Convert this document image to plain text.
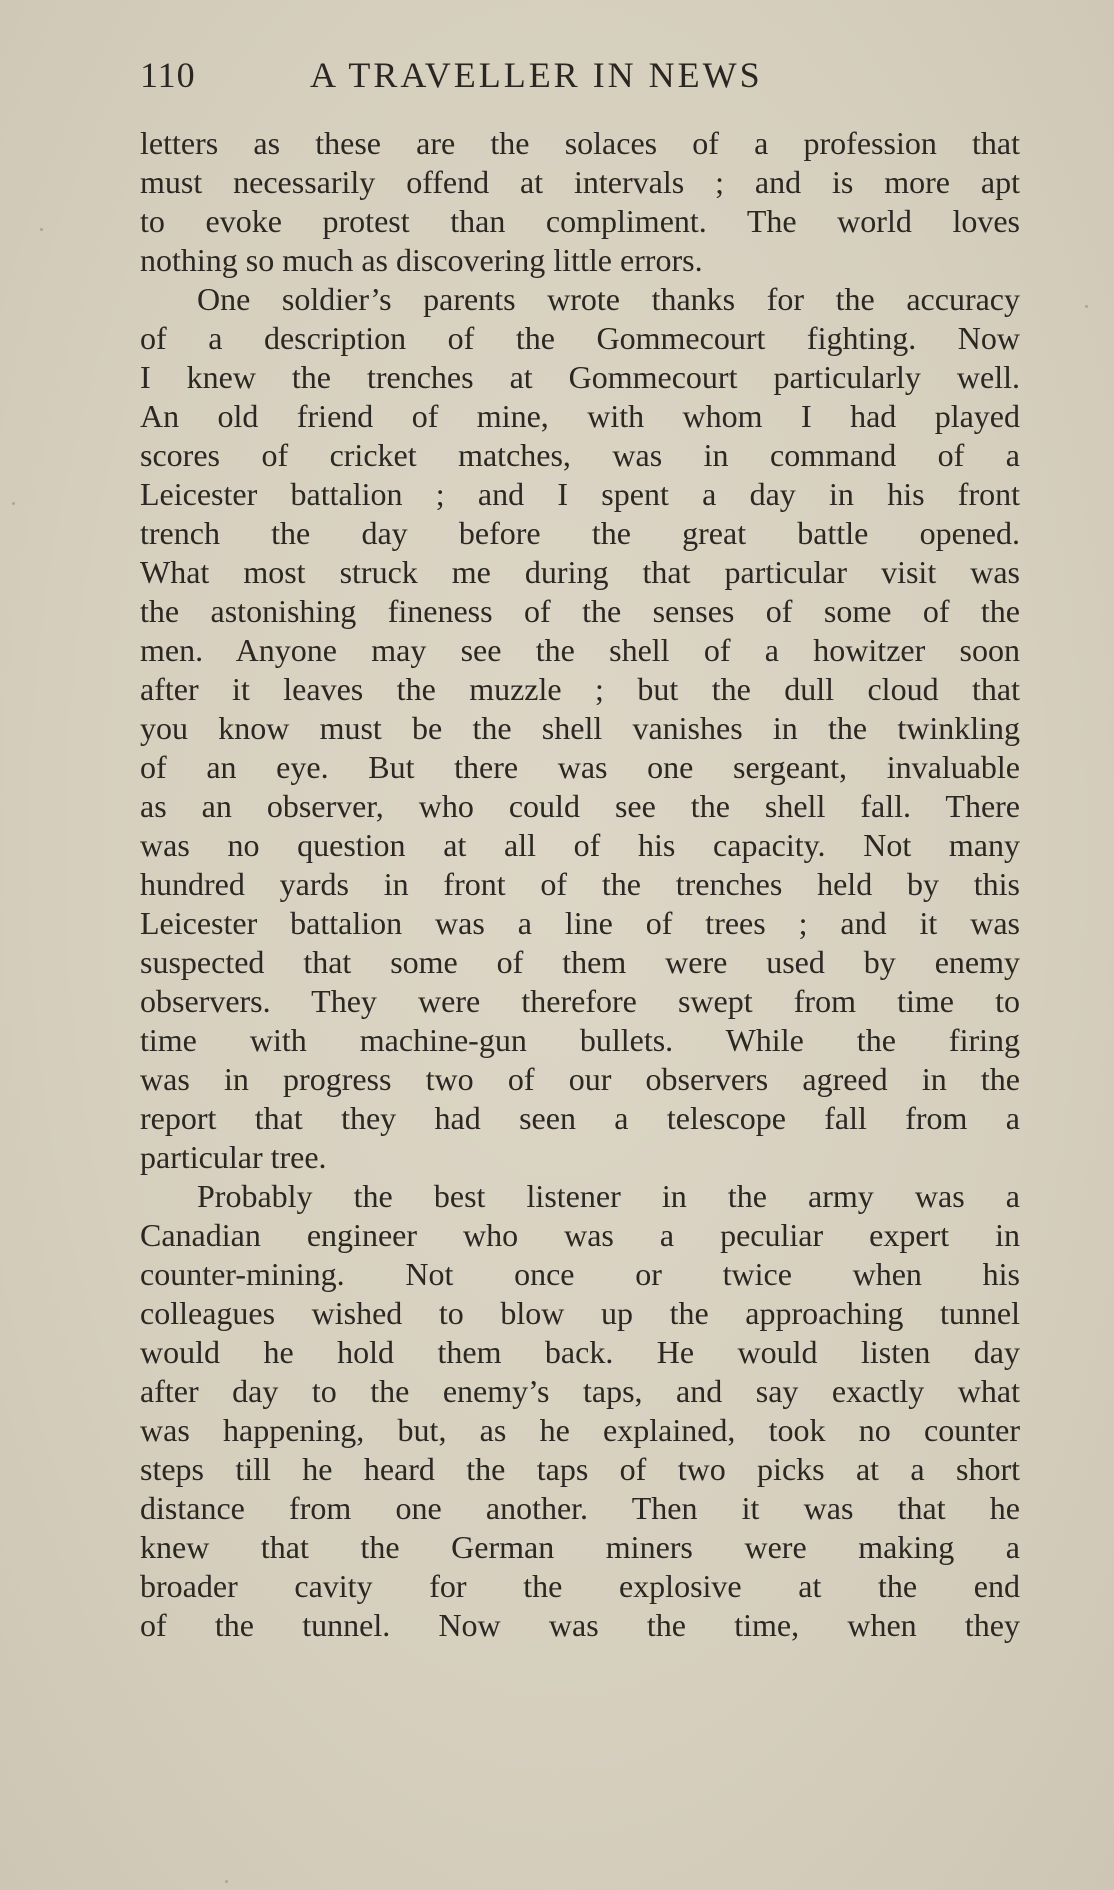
110	A TRAVELLER IN NEWS
letters as these are the solaces of a profession that
must necessarily offend at intervals ; and is more apt
to evoke protest than compliment. The world loves
nothing so much as discovering little errors.
One soldier’s parents wrote thanks for the accuracy
of a description of the Gommecourt fighting. Now
I knew the trenches at Gommecourt particularly well.
An old friend of mine, with whom I had played
scores of cricket matches, was in command of a
Leicester battalion ; and I spent a day in his front
trench the day before the great battle opened.
What most struck me during that particular visit was
the astonishing fineness of the senses of some of the
men. Anyone may see the shell of a howitzer soon
after it leaves the muzzle ; but the dull cloud that
you know must be the shell vanishes in the twinkling
of an eye. But there was one sergeant, invaluable
as an observer, who could see the shell fall. There
was no question at all of his capacity. Not many
hundred yards in front of the trenches held by this
Leicester battalion was a line of trees ; and it was
suspected that some of them were used by enemy
observers. They were therefore swept from time to
time with machine-gun bullets. While the firing
was in progress two of our observers agreed in the
report that they had seen a telescope fall from a
particular tree.
Probably the best listener in the army was a
Canadian engineer who was a peculiar expert in
counter-mining. Not once or twice when his
colleagues wished to blow up the approaching tunnel
would he hold them back. He would listen day
after day to the enemy’s taps, and say exactly what
was happening, but, as he explained, took no counter
steps till he heard the taps of two picks at a short
distance from one another. Then it was that he
knew that the German miners were making a
broader cavity for the explosive at the end
of the tunnel. Now was the time, when they
